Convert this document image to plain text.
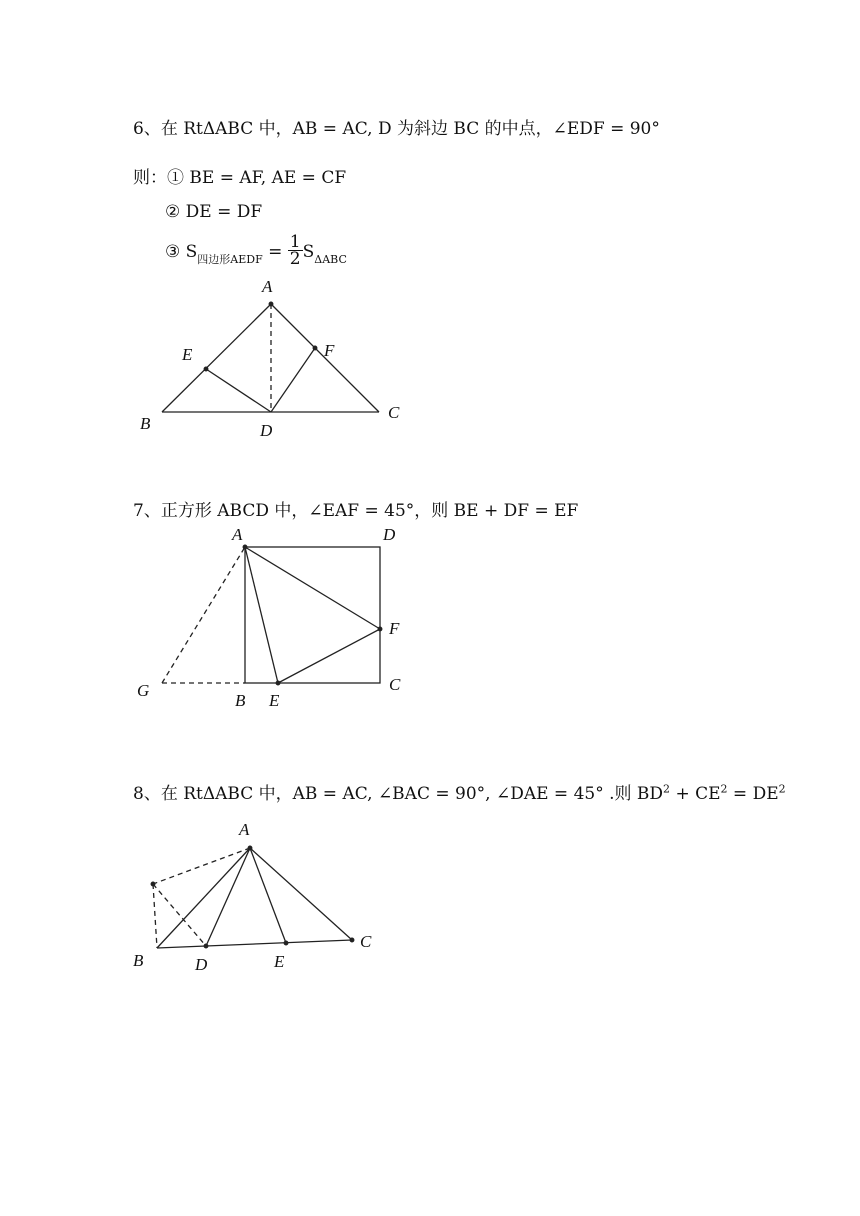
6、在 RtΔABC 中，AB = AC, D 为斜边 BC 的中点，∠EDF = 90°
则：① BE = AF, AE = CF
② DE = DF
③ $S_{四边形AEDF} = \frac{1}{2} S_{\Delta ABC}$
7、正方形 ABCD 中，∠EAF = 45°，则 BE + DF = EF
8、在 RtΔABC 中，AB = AC, ∠BAC = 90°, ∠DAE = 45° .则 $BD^2 + CE^2 = DE^2$
A
E	F
B	D
C
A	D
F
C
G
B E
A
B	D	E
C
